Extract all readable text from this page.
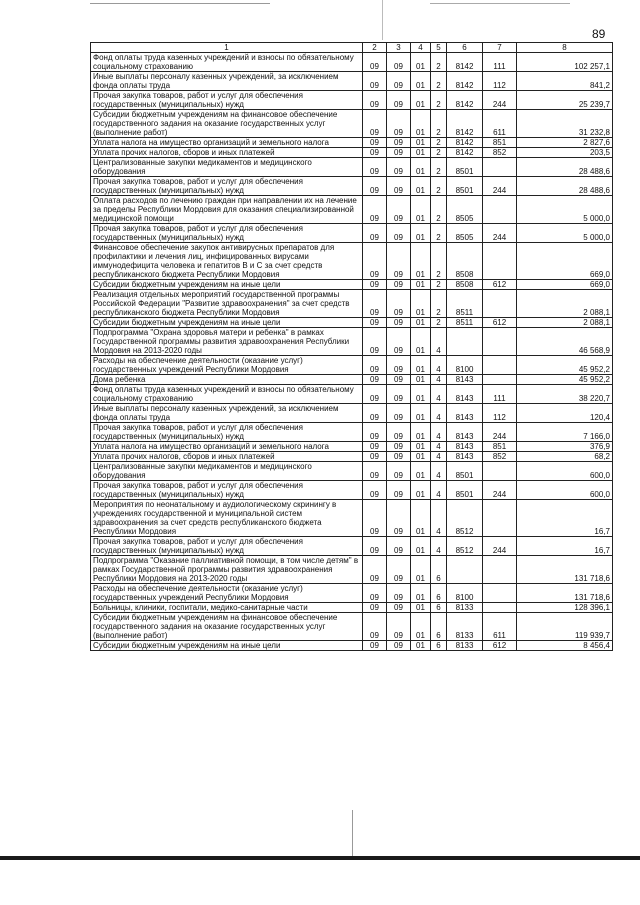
89
1	2	3	4	5	6	7	8
Фонд оплаты труда казенных учреждений и взносы по обязательному социальному страхованию	09	09	01	2	8142	111	102 257,1
Иные выплаты персоналу казенных учреждений, за исключением фонда оплаты труда	09	09	01	2	8142	112	841,2
Прочая закупка товаров, работ и услуг для обеспечения государственных (муниципальных) нужд	09	09	01	2	8142	244	25 239,7
Субсидии бюджетным учреждениям на финансовое обеспечение государственного задания на оказание государственных услуг (выполнение работ)	09	09	01	2	8142	611	31 232,8
Уплата налога на имущество организаций и земельного налога	09	09	01	2	8142	851	2 827,6
Уплата прочих налогов, сборов и иных платежей	09	09	01	2	8142	852	203,5
Централизованные закупки медикаментов и медицинского оборудования	09	09	01	2	8501		28 488,6
Прочая закупка товаров, работ и услуг для обеспечения государственных (муниципальных) нужд	09	09	01	2	8501	244	28 488,6
Оплата расходов по лечению граждан при направлении их на лечение за пределы Республики Мордовия для оказания специализированной медицинской помощи	09	09	01	2	8505		5 000,0
Прочая закупка товаров, работ и услуг для обеспечения государственных (муниципальных) нужд	09	09	01	2	8505	244	5 000,0
Финансовое обеспечение закупок антивирусных препаратов для профилактики и лечения лиц, инфицированных вирусами иммунодефицита человека и гепатитов В и С за счет средств республиканского бюджета Республики Мордовия	09	09	01	2	8508		669,0
Субсидии бюджетным учреждениям на иные цели	09	09	01	2	8508	612	669,0
Реализация отдельных мероприятий государственной программы Российской Федерации "Развитие здравоохранения" за счет средств республиканского бюджета Республики Мордовия	09	09	01	2	8511		2 088,1
Субсидии бюджетным учреждениям на иные цели	09	09	01	2	8511	612	2 088,1
Подпрограмма "Охрана здоровья матери и ребенка" в рамках Государственной программы развития здравоохранения Республики Мордовия на 2013-2020 годы	09	09	01	4			46 568,9
Расходы на обеспечение деятельности (оказание услуг) государственных учреждений Республики Мордовия	09	09	01	4	8100		45 952,2
Дома ребенка	09	09	01	4	8143		45 952,2
Фонд оплаты труда казенных учреждений и взносы по обязательному социальному страхованию	09	09	01	4	8143	111	38 220,7
Иные выплаты персоналу казенных учреждений, за исключением фонда оплаты труда	09	09	01	4	8143	112	120,4
Прочая закупка товаров, работ и услуг для обеспечения государственных (муниципальных) нужд	09	09	01	4	8143	244	7 166,0
Уплата налога на имущество организаций и земельного налога	09	09	01	4	8143	851	376,9
Уплата прочих налогов, сборов и иных платежей	09	09	01	4	8143	852	68,2
Централизованные закупки медикаментов и медицинского оборудования	09	09	01	4	8501		600,0
Прочая закупка товаров, работ и услуг для обеспечения государственных (муниципальных) нужд	09	09	01	4	8501	244	600,0
Мероприятия по неонатальному и аудиологическому скринингу в учреждениях государственной и муниципальной систем здравоохранения за счет средств республиканского бюджета Республики Мордовия	09	09	01	4	8512		16,7
Прочая закупка товаров, работ и услуг для обеспечения государственных (муниципальных) нужд	09	09	01	4	8512	244	16,7
Подпрограмма "Оказание паллиативной помощи, в том числе детям" в рамках Государственной программы развития здравоохранения Республики Мордовия на 2013-2020 годы	09	09	01	6			131 718,6
Расходы на обеспечение деятельности (оказание услуг) государственных учреждений Республики Мордовия	09	09	01	6	8100		131 718,6
Больницы, клиники, госпитали, медико-санитарные части	09	09	01	6	8133		128 396,1
Субсидии бюджетным учреждениям на финансовое обеспечение государственного задания на оказание государственных услуг (выполнение работ)	09	09	01	6	8133	611	119 939,7
Субсидии бюджетным учреждениям на иные цели	09	09	01	6	8133	612	8 456,4
